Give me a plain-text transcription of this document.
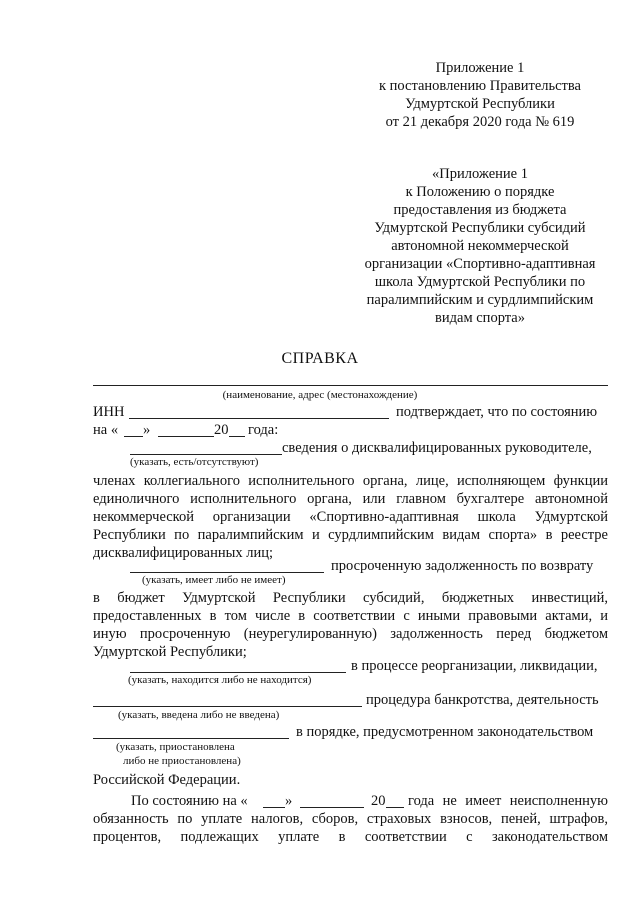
Приложение 1
к постановлению Правительства
Удмуртской Республики
от 21 декабря 2020 года № 619
«Приложение 1
к Положению о порядке
предоставления из бюджета
Удмуртской Республики субсидий
автономной некоммерческой
организации «Спортивно-адаптивная
школа Удмуртской Республики по
паралимпийским и сурдлимпийским
видам спорта»
СПРАВКА
(наименование, адрес (местонахождение)
ИНН	подтверждает, что по состоянию
на « »	20 года:
сведения о дисквалифицированных руководителе,
(указать, есть/отсутствуют)
членах коллегиального исполнительного органа, лице, исполняющем функции
единоличного исполнительного органа, или главном бухгалтере автономной
некоммерческой организации «Спортивно-адаптивная школа Удмуртской
Республики по паралимпийским и сурдлимпийским видам спорта» в реестре
дисквалифицированных лиц;
просроченную задолженность по возврату
(указать, имеет либо не имеет)
в бюджет Удмуртской Республики субсидий, бюджетных инвестиций,
предоставленных в том числе в соответствии с иными правовыми актами, и
иную просроченную (неурегулированную) задолженность перед бюджетом
Удмуртской Республики;
в процессе реорганизации, ликвидации,
(указать, находится либо не находится)
процедура банкротства, деятельность
(указать, введена либо не введена)
в порядке, предусмотренном законодательством
(указать, приостановлена
либо не приостановлена)
Российской Федерации.
По состоянию на «	»	20 года не имеет неисполненную
обязанность по уплате налогов, сборов, страховых взносов, пеней, штрафов,
процентов, подлежащих уплате в соответствии с законодательством
